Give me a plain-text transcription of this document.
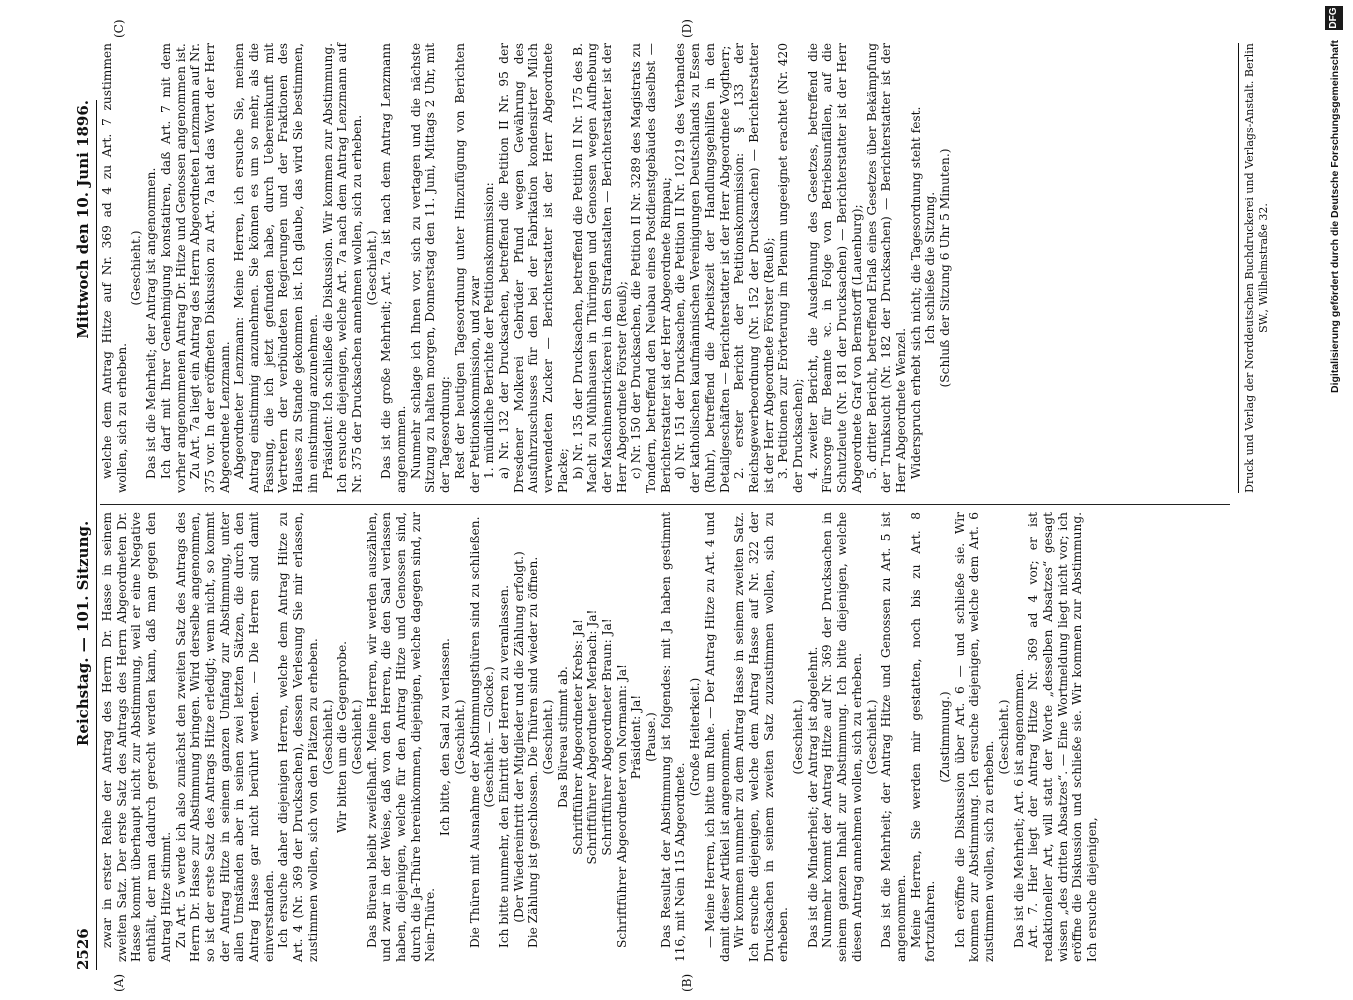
2526
Reichstag. — 101. Sitzung.
Mittwoch den 10. Juni 1896.
(A)	(B)
(C)	(D)

zwar in erster Reihe der Antrag des Herrn Dr. Hasse in seinem zweiten Satz. Der erste Satz des Antrags des Herrn Abgeordneten Dr. Hasse kommt überhaupt nicht zur Abstimmung, weil er eine Negative enthält, der man dadurch gerecht werden kann, daß man gegen den Antrag Hitze stimmt. Zu Art. 5 werde ich also zunächst den zweiten Satz des Antrags des Herrn Dr. Hasse zur Abstimmung bringen. Wird derselbe angenommen, so ist der erste Satz des Antrags Hitze erledigt; wenn nicht, so kommt der Antrag Hitze in seinem ganzen Umfang zur Abstimmung, unter allen Umständen aber in seinen zwei letzten Sätzen, die durch den Antrag Hasse gar nicht berührt werden. — Die Herren sind damit einverstanden. Ich ersuche daher diejenigen Herren, welche dem Antrag Hitze zu Art. 4 (Nr. 369 der Drucksachen), dessen Verlesung Sie mir erlassen, zustimmen wollen, sich von den Plätzen zu erheben. (Geschieht.) Wir bitten um die Gegenprobe. (Geschieht.) Das Büreau bleibt zweifelhaft. Meine Herren, wir werden auszählen, und zwar in der Weise, daß von den Herren, die den Saal verlassen haben, diejenigen, welche für den Antrag Hitze und Genossen sind, durch die Ja-Thüre hereinkommen, diejenigen, welche dagegen sind, zur Nein-Thüre.

Ich bitte, den Saal zu verlassen. (Geschieht.) Die Thüren mit Ausnahme der Abstimmungsthüren sind zu schließen. (Geschieht. — Glocke.) Ich bitte nunmehr, den Eintritt der Herren zu veranlassen. (Der Wiedereintritt der Mitglieder und die Zählung erfolgt.) Die Zählung ist geschlossen. Die Thüren sind wieder zu öffnen. (Geschieht.) Das Büreau stimmt ab. Schriftführer Abgeordneter Krebs: Ja! Schriftführer Abgeordneter Merbach: Ja! Schriftführer Abgeordneter Braun: Ja! Schriftführer Abgeordneter von Normann: Ja! Präsident: Ja! (Pause.) Das Resultat der Abstimmung ist folgendes: mit Ja haben gestimmt 116, mit Nein 115 Abgeordnete.

(Große Heiterkeit.) — Meine Herren, ich bitte um Ruhe. — Der Antrag Hitze zu Art. 4 und damit dieser Artikel ist angenommen. Wir kommen nunmehr zu dem Antrag Hasse in seinem zweiten Satz. Ich ersuche diejenigen, welche dem Antrag Hasse auf Nr. 322 der Drucksachen in seinem zweiten Satz zuzustimmen wollen, sich zu erheben.

(Geschieht.) Das ist die Minderheit; der Antrag ist abgelehnt. Nunmehr kommt der Antrag Hitze auf Nr. 369 der Drucksachen in seinem ganzen Inhalt zur Abstimmung. Ich bitte diejenigen, welche diesen Antrag annehmen wollen, sich zu erheben. (Geschieht.) Das ist die Mehrheit; der Antrag Hitze und Genossen zu Art. 5 ist angenommen. Meine Herren, Sie werden mir gestatten, noch bis zu Art. 8 fortzufahren.

(Zustimmung.) Ich eröffne die Diskussion über Art. 6 — und schließe sie. Wir kommen zur Abstimmung. Ich ersuche diejenigen, welche dem Art. 6 zustimmen wollen, sich zu erheben.

(Geschieht.) Das ist die Mehrheit; Art. 6 ist angenommen. Art. 7. Hier liegt der Antrag Hitze Nr. 369 ad 4 vor; er ist redaktioneller Art, will statt der Worte „desselben Absatzes“ gesagt wissen „des dritten Absatzes“. — Eine Wortmeldung liegt nicht vor; ich eröffne die Diskussion und schließe sie. Wir kommen zur Abstimmung. Ich ersuche diejenigen,

welche dem Antrag Hitze auf Nr. 369 ad 4 zu Art. 7 zustimmen wollen, sich zu erheben.

(Geschieht.) Das ist die Mehrheit; der Antrag ist angenommen. Ich darf mit Ihrer Genehmigung konstatiren, daß Art. 7 mit dem vorher angenommenen Antrag Dr. Hitze und Genossen angenommen ist. Zu Art. 7a liegt ein Antrag des Herrn Abgeordneten Lenzmann auf Nr. 375 vor. In der eröffneten Diskussion zu Art. 7a hat das Wort der Herr Abgeordnete Lenzmann. Abgeordneter Lenzmann: Meine Herren, ich ersuche Sie, meinen Antrag einstimmig anzunehmen. Sie können es um so mehr, als die Fassung, die ich jetzt gefunden habe, durch Uebereinkunft mit Vertretern der verbündeten Regierungen und der Fraktionen des Hauses zu Stande gekommen ist. Ich glaube, das wird Sie bestimmen, ihn einstimmig anzunehmen. Präsident: Ich schließe die Diskussion. Wir kommen zur Abstimmung. Ich ersuche diejenigen, welche Art. 7a nach dem Antrag Lenzmann auf Nr. 375 der Drucksachen annehmen wollen, sich zu erheben. (Geschieht.) Das ist die große Mehrheit; Art. 7a ist nach dem Antrag Lenzmann angenommen. Nunmehr schlage ich Ihnen vor, sich zu vertagen und die nächste Sitzung zu halten morgen, Donnerstag den 11. Juni, Mittags 2 Uhr, mit der Tagesordnung: Rest der heutigen Tagesordnung unter Hinzufügung von Berichten der Petitionskommission, und zwar 1. mündliche Berichte der Petitionskommission: a) Nr. 132 der Drucksachen, betreffend die Petition II Nr. 95 der Dresdener Molkerei Gebrüder Pfund wegen Gewährung des Ausfuhrzuschusses für den bei der Fabrikation kondensirter Milch verwendeten Zucker — Berichterstatter ist der Herr Abgeordnete Placke; b) Nr. 135 der Drucksachen, betreffend die Petition II Nr. 175 des B. Macht zu Mühlhausen in Thüringen und Genossen wegen Aufhebung der Maschinenstrickerei in den Strafanstalten — Berichterstatter ist der Herr Abgeordnete Förster (Reuß); c) Nr. 150 der Drucksachen, die Petition II Nr. 3289 des Magistrats zu Tondern, betreffend den Neubau eines Postdienstgebäudes daselbst — Berichterstatter ist der Herr Abgeordnete Rimpau; d) Nr. 151 der Drucksachen, die Petition II Nr. 10219 des Verbandes der katholischen kaufmännischen Vereinigungen Deutschlands zu Essen (Ruhr), betreffend die Arbeitszeit der Handlungsgehilfen in den Detailgeschäften — Berichterstatter ist der Herr Abgeordnete Vogtherr; 2. erster Bericht der Petitionskommission: § 133 der Reichsgewerbeordnung (Nr. 152 der Drucksachen) — Berichterstatter ist der Herr Abgeordnete Förster (Reuß); 3. Petitionen zur Erörterung im Plenum ungeeignet erachtet (Nr. 420 der Drucksachen); 4. zweiter Bericht, die Ausdehnung des Gesetzes, betreffend die Fürsorge für Beamte ꝛc. in Folge von Betriebsunfällen, auf die Schutzleute (Nr. 181 der Drucksachen) — Berichterstatter ist der Herr Abgeordnete Graf von Bernstorff (Lauenburg); 5. dritter Bericht, betreffend Erlaß eines Gesetzes über Bekämpfung der Trunksucht (Nr. 182 der Drucksachen) — Berichterstatter ist der Herr Abgeordnete Wenzel. Widerspruch erhebt sich nicht; die Tagesordnung steht fest. Ich schließe die Sitzung. (Schluß der Sitzung 6 Uhr 5 Minuten.)	Druck und Verlag der Norddeutschen Buchdruckerei und Verlags-Anstalt. Berlin SW., Wilhelmstraße 32.	Digitalisierung gefördert durch die Deutsche Forschungsgemeinschaft
DFG
